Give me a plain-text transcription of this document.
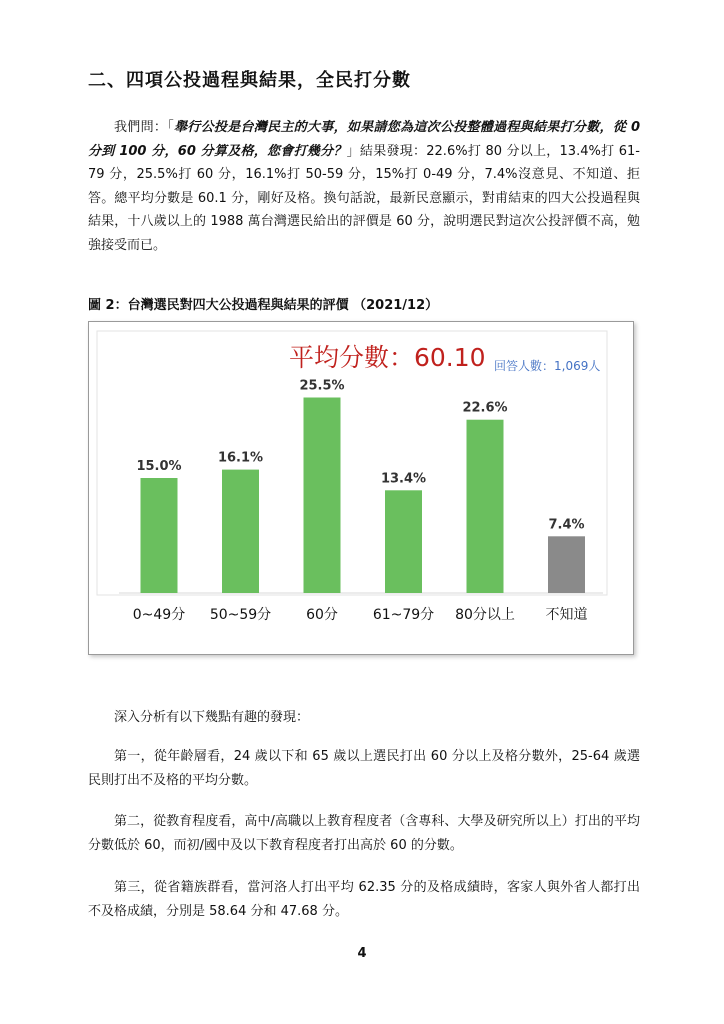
二、四項公投過程與結果，全民打分數

我們問：「舉行公投是台灣民主的大事，如果請您為這次公投整體過程與結果打分數，從 0 分到 100 分，60 分算及格，您會打幾分？」結果發現：22.6%打 80 分以上，13.4%打 61-79 分，25.5%打 60 分，16.1%打 50-59 分，15%打 0-49 分，7.4%沒意見、不知道、拒答。總平均分數是 60.1 分，剛好及格。換句話說，最新民意顯示，對甫結束的四大公投過程與結果，十八歲以上的 1988 萬台灣選民給出的評價是 60 分，說明選民對這次公投評價不高，勉強接受而已。

圖 2：台灣選民對四大公投過程與結果的評價 （2021/12）

平均分數：60.10 回答人數：1,069人
15.0%
0~49分
16.1%
50~59分
25.5%
60分
13.4%
61~79分
22.6%
80分以上
7.4%
不知道

深入分析有以下幾點有趣的發現：

第一，從年齡層看，24 歲以下和 65 歲以上選民打出 60 分以上及格分數外，25-64 歲選民則打出不及格的平均分數。

第二，從教育程度看，高中/高職以上教育程度者（含專科、大學及研究所以上）打出的平均分數低於 60，而初/國中及以下教育程度者打出高於 60 的分數。

第三，從省籍族群看，當河洛人打出平均 62.35 分的及格成績時，客家人與外省人都打出不及格成績，分別是 58.64 分和 47.68 分。

4
